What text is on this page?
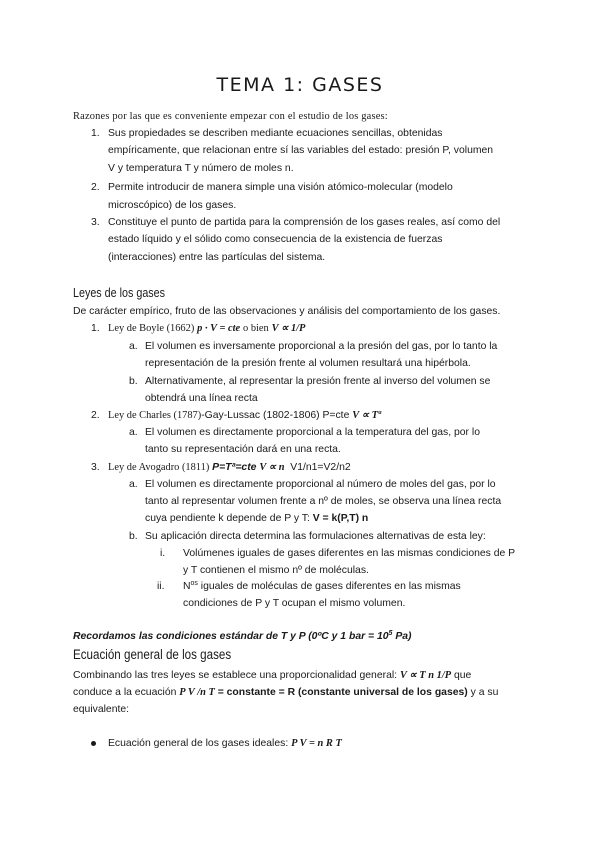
TEMA 1: GASES

Razones por las que es conveniente empezar con el estudio de los gases:

1. Sus propiedades se describen mediante ecuaciones sencillas, obtenidas

empíricamente, que relacionan entre sí las variables del estado: presión P, volumen

V y temperatura T y número de moles n.

2. Permite introducir de manera simple una visión atómico-molecular (modelo

microscópico) de los gases.

3. Constituye el punto de partida para la comprensión de los gases reales, así como del

estado líquido y el sólido como consecuencia de la existencia de fuerzas

(interacciones) entre las partículas del sistema.

Leyes de los gases

De carácter empírico, fruto de las observaciones y análisis del comportamiento de los gases.

1. Ley de Boyle (1662) p · V = cte o bien V ∝ 1/P

a. El volumen es inversamente proporcional a la presión del gas, por lo tanto la

representación de la presión frente al volumen resultará una hipérbola.

b. Alternativamente, al representar la presión frente al inverso del volumen se

obtendrá una línea recta

2. Ley de Charles (1787)-Gay-Lussac (1802-1806) P=cte V ∝ Tª

a. El volumen es directamente proporcional a la temperatura del gas, por lo

tanto su representación dará en una recta.

3. Ley de Avogadro (1811) P=Tª=cte V ∝ n V1/n1=V2/n2

a. El volumen es directamente proporcional al número de moles del gas, por lo

tanto al representar volumen frente a nº de moles, se observa una línea recta

cuya pendiente k depende de P y T: V = k(P,T) n

b. Su aplicación directa determina las formulaciones alternativas de esta ley:

i. Volúmenes iguales de gases diferentes en las mismas condiciones de P

y T contienen el mismo nº de moléculas.

ii. $N^{os}$ iguales de moléculas de gases diferentes en las mismas

condiciones de P y T ocupan el mismo volumen.

Recordamos las condiciones estándar de T y P (0ºC y 1 bar = $10^5$ Pa)

Ecuación general de los gases

Combinando las tres leyes se establece una proporcionalidad general: V ∝ T n 1/P que

conduce a la ecuación P V /n T = constante = R (constante universal de los gases) y a su

equivalente:

Ecuación general de los gases ideales: P V = n R T
